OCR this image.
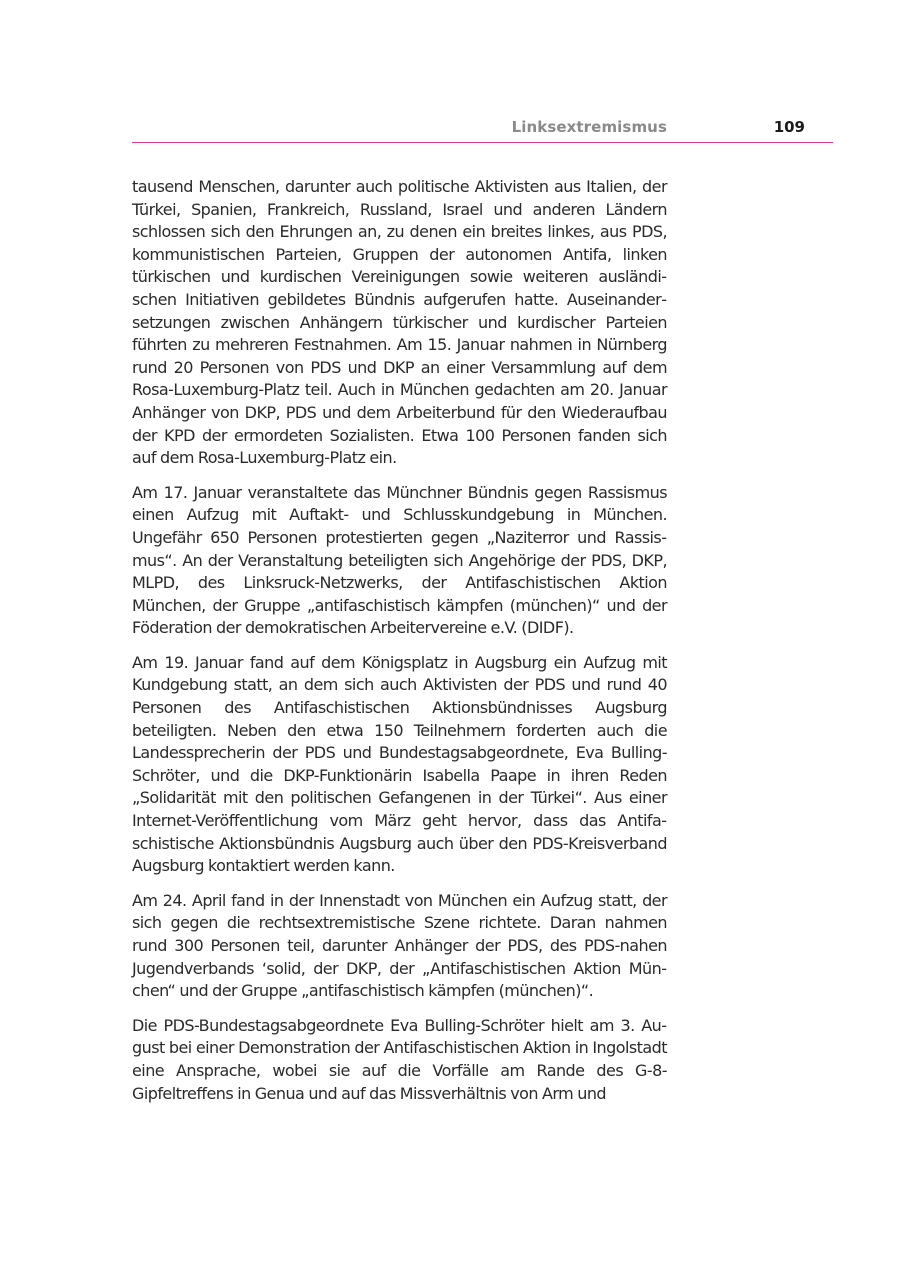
Linksextremismus	109

tausend Menschen, darunter auch politische Aktivisten aus Italien, der Türkei, Spanien, Frankreich, Russland, Israel und anderen Ländern schlossen sich den Ehrungen an, zu denen ein breites linkes, aus PDS, kommunistischen Parteien, Gruppen der autonomen Antifa, linken türkischen und kurdischen Vereinigungen sowie weiteren ausländischen Initiativen gebildetes Bündnis aufgerufen hatte. Auseinandersetzungen zwischen Anhängern türkischer und kurdischer Parteien führten zu mehreren Festnahmen. Am 15. Januar nahmen in Nürnberg rund 20 Personen von PDS und DKP an einer Versammlung auf dem Rosa-Luxemburg-Platz teil. Auch in München gedachten am 20. Januar Anhänger von DKP, PDS und dem Arbeiterbund für den Wiederaufbau der KPD der ermordeten Sozialisten. Etwa 100 Personen fanden sich auf dem Rosa-Luxemburg-Platz ein.

Am 17. Januar veranstaltete das Münchner Bündnis gegen Rassismus einen Aufzug mit Auftakt- und Schlusskundgebung in München. Ungefähr 650 Personen protestierten gegen „Naziterror und Rassismus“. An der Veranstaltung beteiligten sich Angehörige der PDS, DKP, MLPD, des Linksruck-Netzwerks, der Antifaschistischen Aktion München, der Gruppe „antifaschistisch kämpfen (münchen)“ und der Föderation der demokratischen Arbeitervereine e.V. (DIDF).

Am 19. Januar fand auf dem Königsplatz in Augsburg ein Aufzug mit Kundgebung statt, an dem sich auch Aktivisten der PDS und rund 40 Personen des Antifaschistischen Aktionsbündnisses Augsburg beteiligten. Neben den etwa 150 Teilnehmern forderten auch die Landessprecherin der PDS und Bundestagsabgeordnete, Eva Bulling-Schröter, und die DKP-Funktionärin Isabella Paape in ihren Reden „Solidarität mit den politischen Gefangenen in der Türkei“. Aus einer Internet-Veröffentlichung vom März geht hervor, dass das Antifaschistische Aktionsbündnis Augsburg auch über den PDS-Kreisverband Augsburg kontaktiert werden kann.

Am 24. April fand in der Innenstadt von München ein Aufzug statt, der sich gegen die rechtsextremistische Szene richtete. Daran nahmen rund 300 Personen teil, darunter Anhänger der PDS, des PDS-nahen Jugendverbands ‘solid, der DKP, der „Antifaschistischen Aktion München“ und der Gruppe „antifaschistisch kämpfen (münchen)“.

Die PDS-Bundestagsabgeordnete Eva Bulling-Schröter hielt am 3. August bei einer Demonstration der Antifaschistischen Aktion in Ingolstadt eine Ansprache, wobei sie auf die Vorfälle am Rande des G-8-Gipfeltreffens in Genua und auf das Missverhältnis von Arm und
